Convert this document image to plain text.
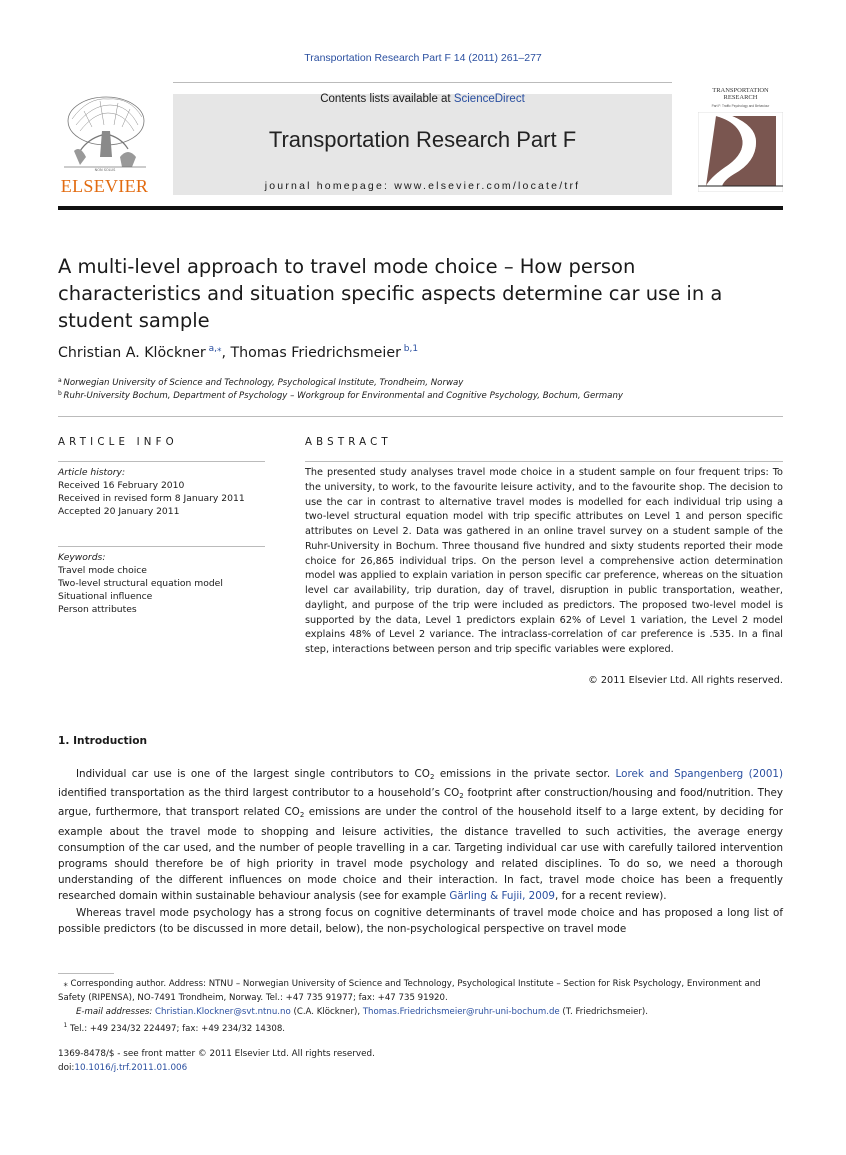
Transportation Research Part F 14 (2011) 261–277
NON SOLUS
ELSEVIER
Contents lists available at ScienceDirect
Transportation Research Part F
journal homepage: www.elsevier.com/locate/trf
TRANSPORTATION RESEARCH
Part F: Traffic Psychology and Behaviour
A multi-level approach to travel mode choice – How person characteristics and situation specific aspects determine car use in a student sample
Christian A. Klöckner  $^{a,⁎}$, Thomas Friedrichsmeier  $^{b,1}$
$^a$  Norwegian University of Science and Technology, Psychological Institute, Trondheim, Norway
$^b$  Ruhr-University Bochum, Department of Psychology – Workgroup for Environmental and Cognitive Psychology, Bochum, Germany
ARTICLE INFO
Article history:
Received 16 February 2010
Received in revised form 8 January 2011
Accepted 20 January 2011
Keywords:
Travel mode choice
Two-level structural equation model
Situational influence
Person attributes
ABSTRACT
The presented study analyses travel mode choice in a student sample on four frequent trips: To the university, to work, to the favourite leisure activity, and to the favourite shop. The decision to use the car in contrast to alternative travel modes is modelled for each individual trip using a two-level structural equation model with trip specific attributes on Level 1 and person specific attributes on Level 2. Data was gathered in an online travel survey on a student sample of the Ruhr-University in Bochum. Three thousand five hundred and sixty students reported their mode choice for 26,865 individual trips. On the person level a comprehensive action determination model was applied to explain variation in person specific car preference, whereas on the situation level car availability, trip duration, day of travel, disruption in public transportation, weather, daylight, and purpose of the trip were included as predictors. The proposed two-level model is supported by the data, Level 1 predictors explain 62% of Level 1 variation, the Level 2 model explains 48% of Level 2 variance. The intraclass-correlation of car preference is .535. In a final step, interactions between person and trip specific variables were explored.
© 2011 Elsevier Ltd. All rights reserved.
1. Introduction

Individual car use is one of the largest single contributors to $CO_2$ emissions in the private sector. Lorek and Spangenberg (2001) identified transportation as the third largest contributor to a household’s $CO_2$ footprint after construction/housing and food/nutrition. They argue, furthermore, that transport related $CO_2$ emissions are under the control of the household itself to a large extent, by deciding for example about the travel mode to shopping and leisure activities, the distance travelled to such activities, the average energy consumption of the car used, and the number of people travelling in a car. Targeting individual car use with carefully tailored intervention programs should therefore be of high priority in travel mode psychology and related disciplines. To do so, we need a thorough understanding of the different influences on mode choice and their interaction. In fact, travel mode choice has been a frequently researched domain within sustainable behaviour analysis (see for example Gärling & Fujii, 2009, for a recent review).

Whereas travel mode psychology has a strong focus on cognitive determinants of travel mode choice and has proposed a long list of possible predictors (to be discussed in more detail, below), the non-psychological perspective on travel mode

⁎ Corresponding author. Address: NTNU – Norwegian University of Science and Technology, Psychological Institute – Section for Risk Psychology, Environment and Safety (RIPENSA), NO-7491 Trondheim, Norway. Tel.: +47 735 91977; fax: +47 735 91920.

E-mail addresses: Christian.Klockner@svt.ntnu.no (C.A. Klöckner), Thomas.Friedrichsmeier@ruhr-uni-bochum.de (T. Friedrichsmeier).

$^1$ Tel.: +49 234/32 224497; fax: +49 234/32 14308.

1369-8478/$ - see front matter © 2011 Elsevier Ltd. All rights reserved.
doi:10.1016/j.trf.2011.01.006
